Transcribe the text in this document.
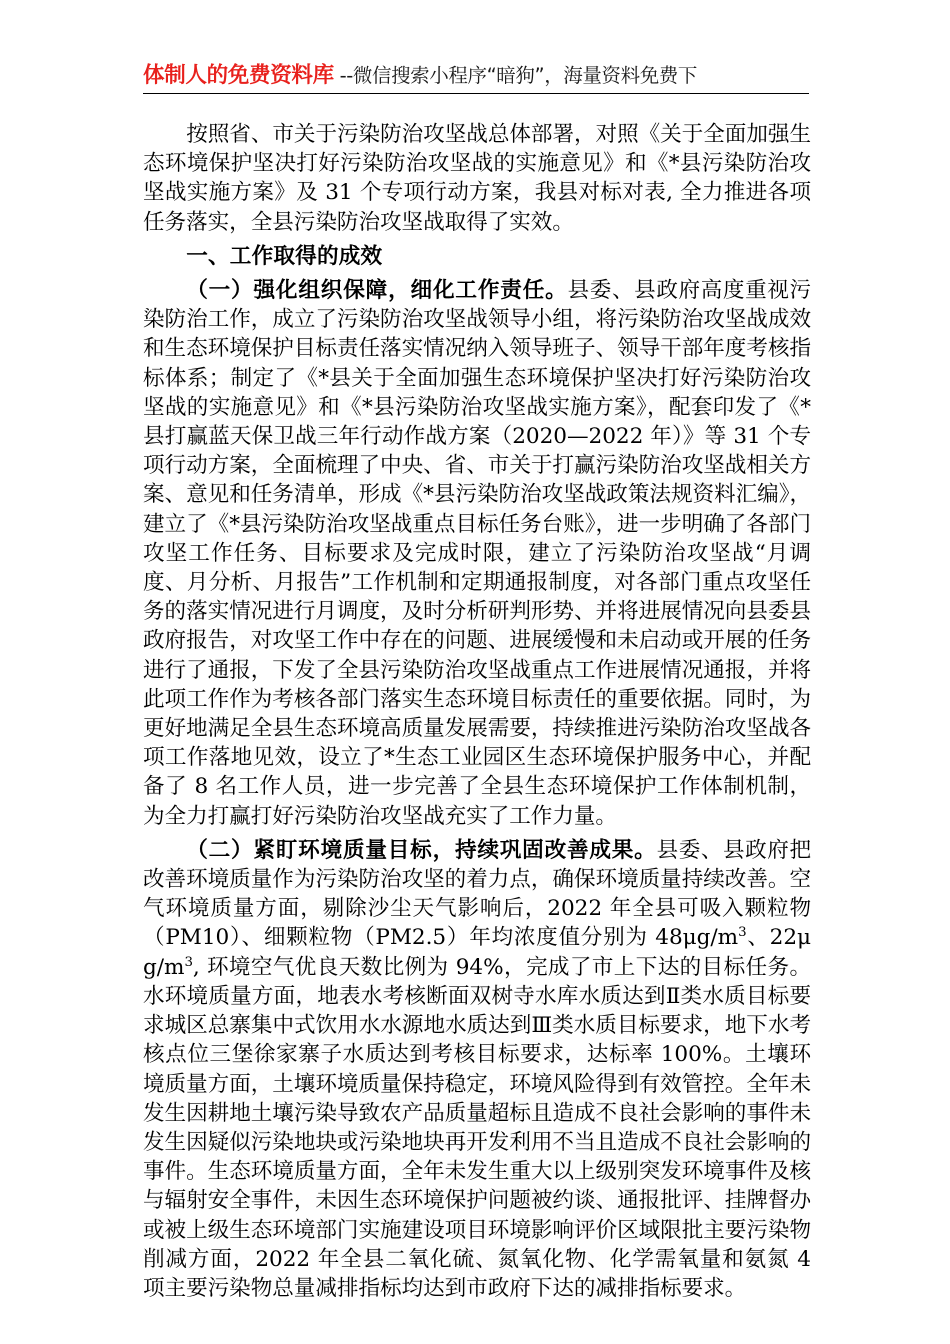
体制人的免费资料库 --微信搜索小程序“暗狗”，海量资料免费下

按照省、市关于污染防治攻坚战总体部署，对照《关于全面加强生态环境保护坚决打好污染防治攻坚战的实施意见》和《*县污染防治攻坚战实施方案》及 31 个专项行动方案，我县对标对表, 全力推进各项任务落实，全县污染防治攻坚战取得了实效。

一、工作取得的成效

（一）强化组织保障，细化工作责任。县委、县政府高度重视污染防治工作，成立了污染防治攻坚战领导小组，将污染防治攻坚战成效和生态环境保护目标责任落实情况纳入领导班子、领导干部年度考核指标体系；制定了《*县关于全面加强生态环境保护坚决打好污染防治攻坚战的实施意见》和《*县污染防治攻坚战实施方案》，配套印发了《*县打赢蓝天保卫战三年行动作战方案（2020—2022 年）》等 31 个专项行动方案，全面梳理了中央、省、市关于打赢污染防治攻坚战相关方案、意见和任务清单，形成《*县污染防治攻坚战政策法规资料汇编》，建立了《*县污染防治攻坚战重点目标任务台账》，进一步明确了各部门攻坚工作任务、目标要求及完成时限，建立了污染防治攻坚战“月调度、月分析、月报告”工作机制和定期通报制度，对各部门重点攻坚任务的落实情况进行月调度，及时分析研判形势、并将进展情况向县委县政府报告，对攻坚工作中存在的问题、进展缓慢和未启动或开展的任务进行了通报，下发了全县污染防治攻坚战重点工作进展情况通报，并将此项工作作为考核各部门落实生态环境目标责任的重要依据。同时，为更好地满足全县生态环境高质量发展需要，持续推进污染防治攻坚战各项工作落地见效，设立了*生态工业园区生态环境保护服务中心，并配备了 8 名工作人员，进一步完善了全县生态环境保护工作体制机制，为全力打赢打好污染防治攻坚战充实了工作力量。

（二）紧盯环境质量目标，持续巩固改善成果。县委、县政府把改善环境质量作为污染防治攻坚的着力点，确保环境质量持续改善。空气环境质量方面，剔除沙尘天气影响后，2022 年全县可吸入颗粒物（PM10）、细颗粒物（PM2.5）年均浓度值分别为 $48\mu g/m^3$、$22\mu g/m^3$, 环境空气优良天数比例为 94%，完成了市上下达的目标任务。水环境质量方面，地表水考核断面双树寺水库水质达到Ⅱ类水质目标要求城区总寨集中式饮用水水源地水质达到Ⅲ类水质目标要求，地下水考核点位三堡徐家寨子水质达到考核目标要求，达标率 100%。土壤环境质量方面，土壤环境质量保持稳定，环境风险得到有效管控。全年未发生因耕地土壤污染导致农产品质量超标且造成不良社会影响的事件未发生因疑似污染地块或污染地块再开发利用不当且造成不良社会影响的事件。生态环境质量方面，全年未发生重大以上级别突发环境事件及核与辐射安全事件，未因生态环境保护问题被约谈、通报批评、挂牌督办或被上级生态环境部门实施建设项目环境影响评价区域限批主要污染物削减方面，2022 年全县二氧化硫、氮氧化物、化学需氧量和氨氮 4 项主要污染物总量减排指标均达到市政府下达的减排指标要求。
